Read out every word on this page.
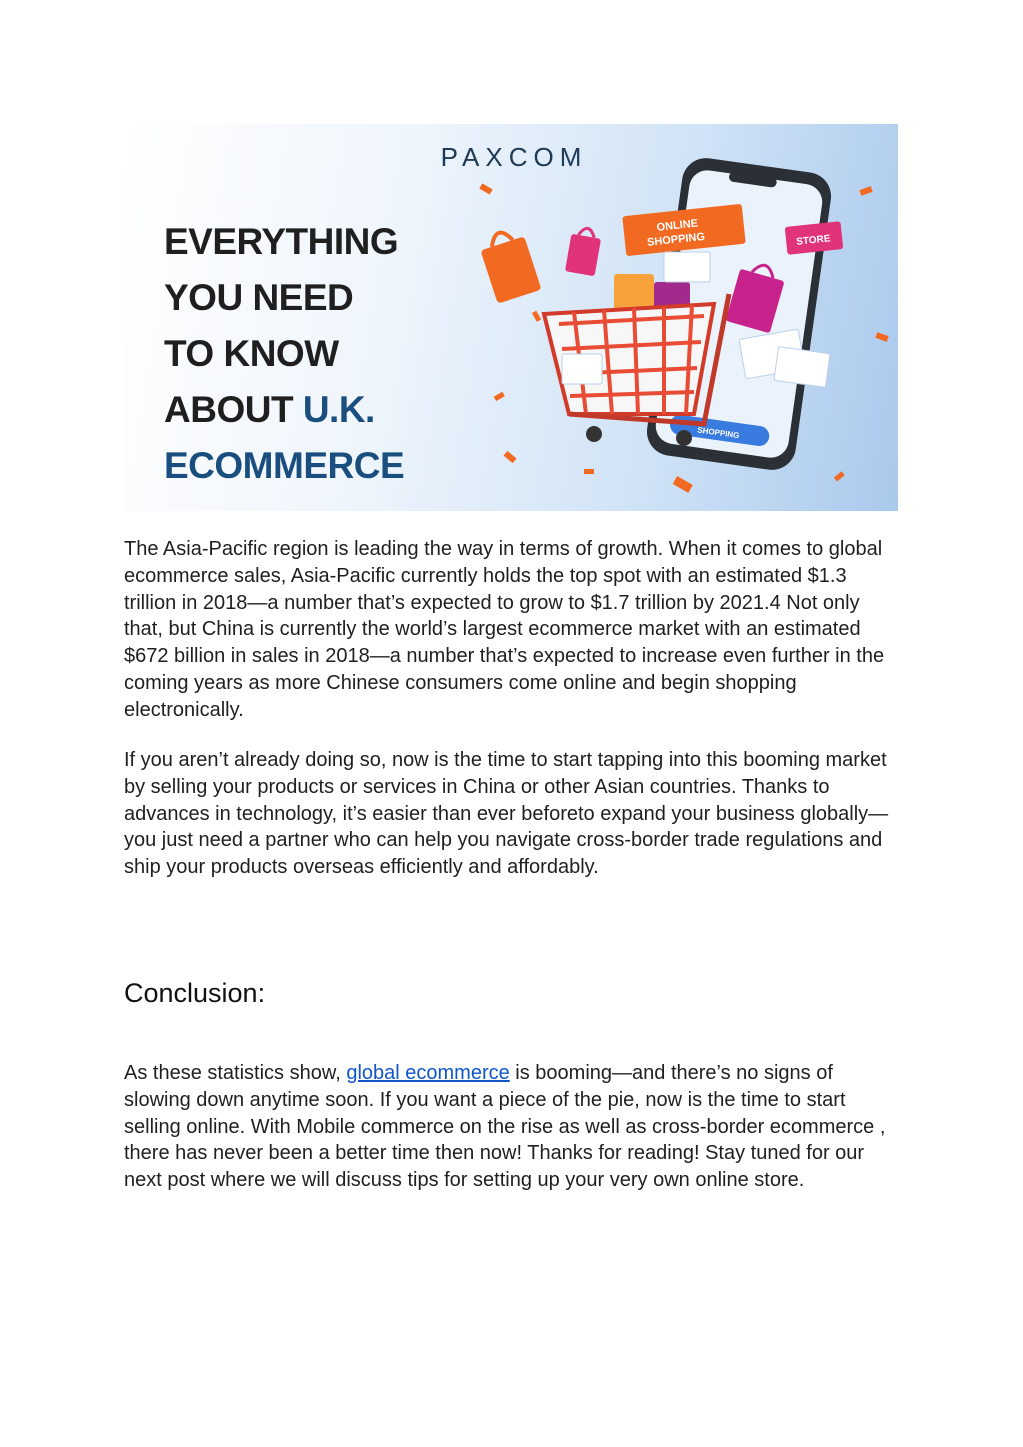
PAXCOM
EVERYTHING
YOU NEED
TO KNOW
ABOUT U.K.
ECOMMERCE
SHOPPING
ONLINE
SHOPPING	STORE
The Asia-Pacific region is leading the way in terms of growth. When it comes to global ecommerce sales, Asia-Pacific currently holds the top spot with an estimated $1.3 trillion in 2018—a number that’s expected to grow to $1.7 trillion by 2021.4 Not only that, but China is currently the world’s largest ecommerce market with an estimated $672 billion in sales in 2018—a number that’s expected to increase even further in the coming years as more Chinese consumers come online and begin shopping electronically.
If you aren’t already doing so, now is the time to start tapping into this booming market by selling your products or services in China or other Asian countries. Thanks to advances in technology, it’s easier than ever beforeto expand your business globally—you just need a partner who can help you navigate cross-border trade regulations and ship your products overseas efficiently and affordably.
Conclusion:
As these statistics show, global ecommerce is booming—and there’s no signs of slowing down anytime soon. If you want a piece of the pie, now is the time to start selling online. With Mobile commerce on the rise as well as cross-border ecommerce , there has never been a better time then now! Thanks for reading! Stay tuned for our next post where we will discuss tips for setting up your very own online store.
